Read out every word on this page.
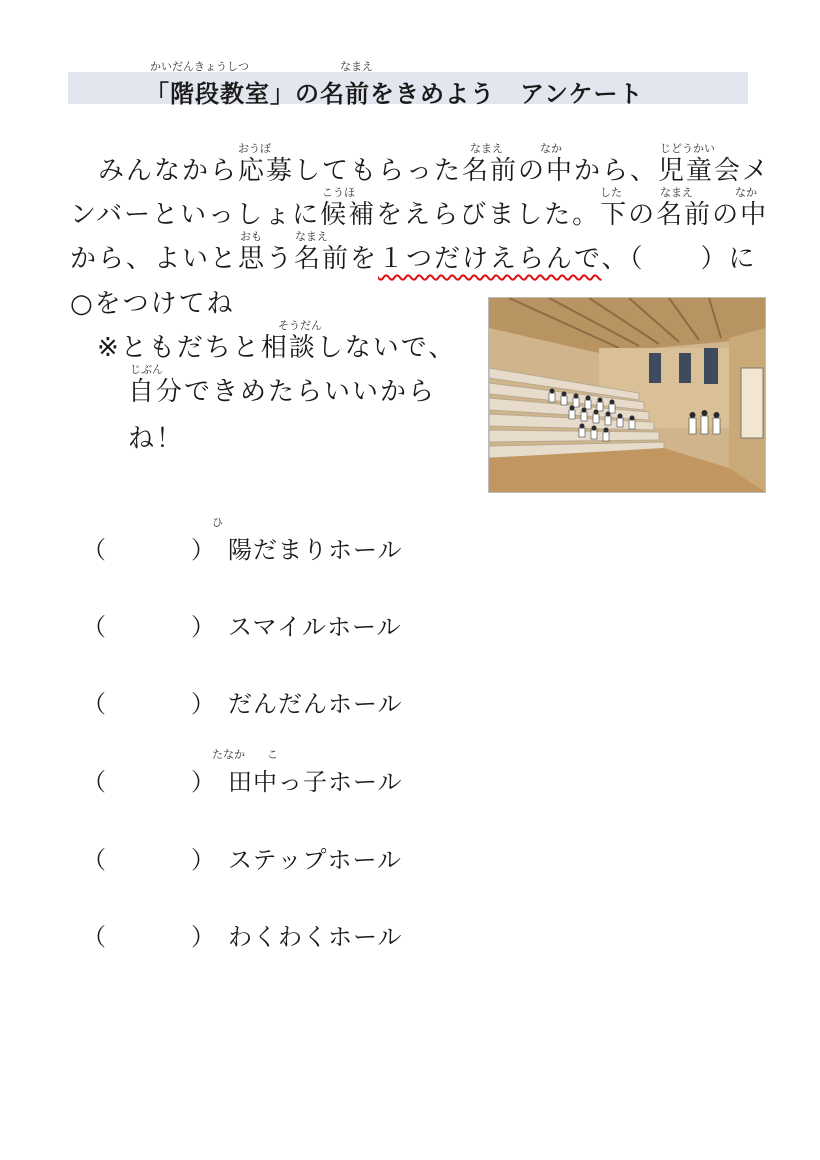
かいだんきょうしつ	なまえ
「階段教室」の名前をきめよう　アンケート
おうぼ	なまえ	なか	じどうかい
　みんなから応募してもらった名前の中から、児童会メ
こうほ	した	なまえ	なか
ンバーといっしょに候補をえらびました。下の名前の中
おも	なまえ
から、よいと思う名前を１つだけえらんで、（　　）に
○をつけてね
そうだん
※ともだちと相談しないで、
じぶん
自分できめたらいいから
ね！
（	） 陽だまりホール
ひ
（	） スマイルホール
（	） だんだんホール
（	） 田中っ子ホール
たなか　　こ
（	） ステップホール
（	） わくわくホール
